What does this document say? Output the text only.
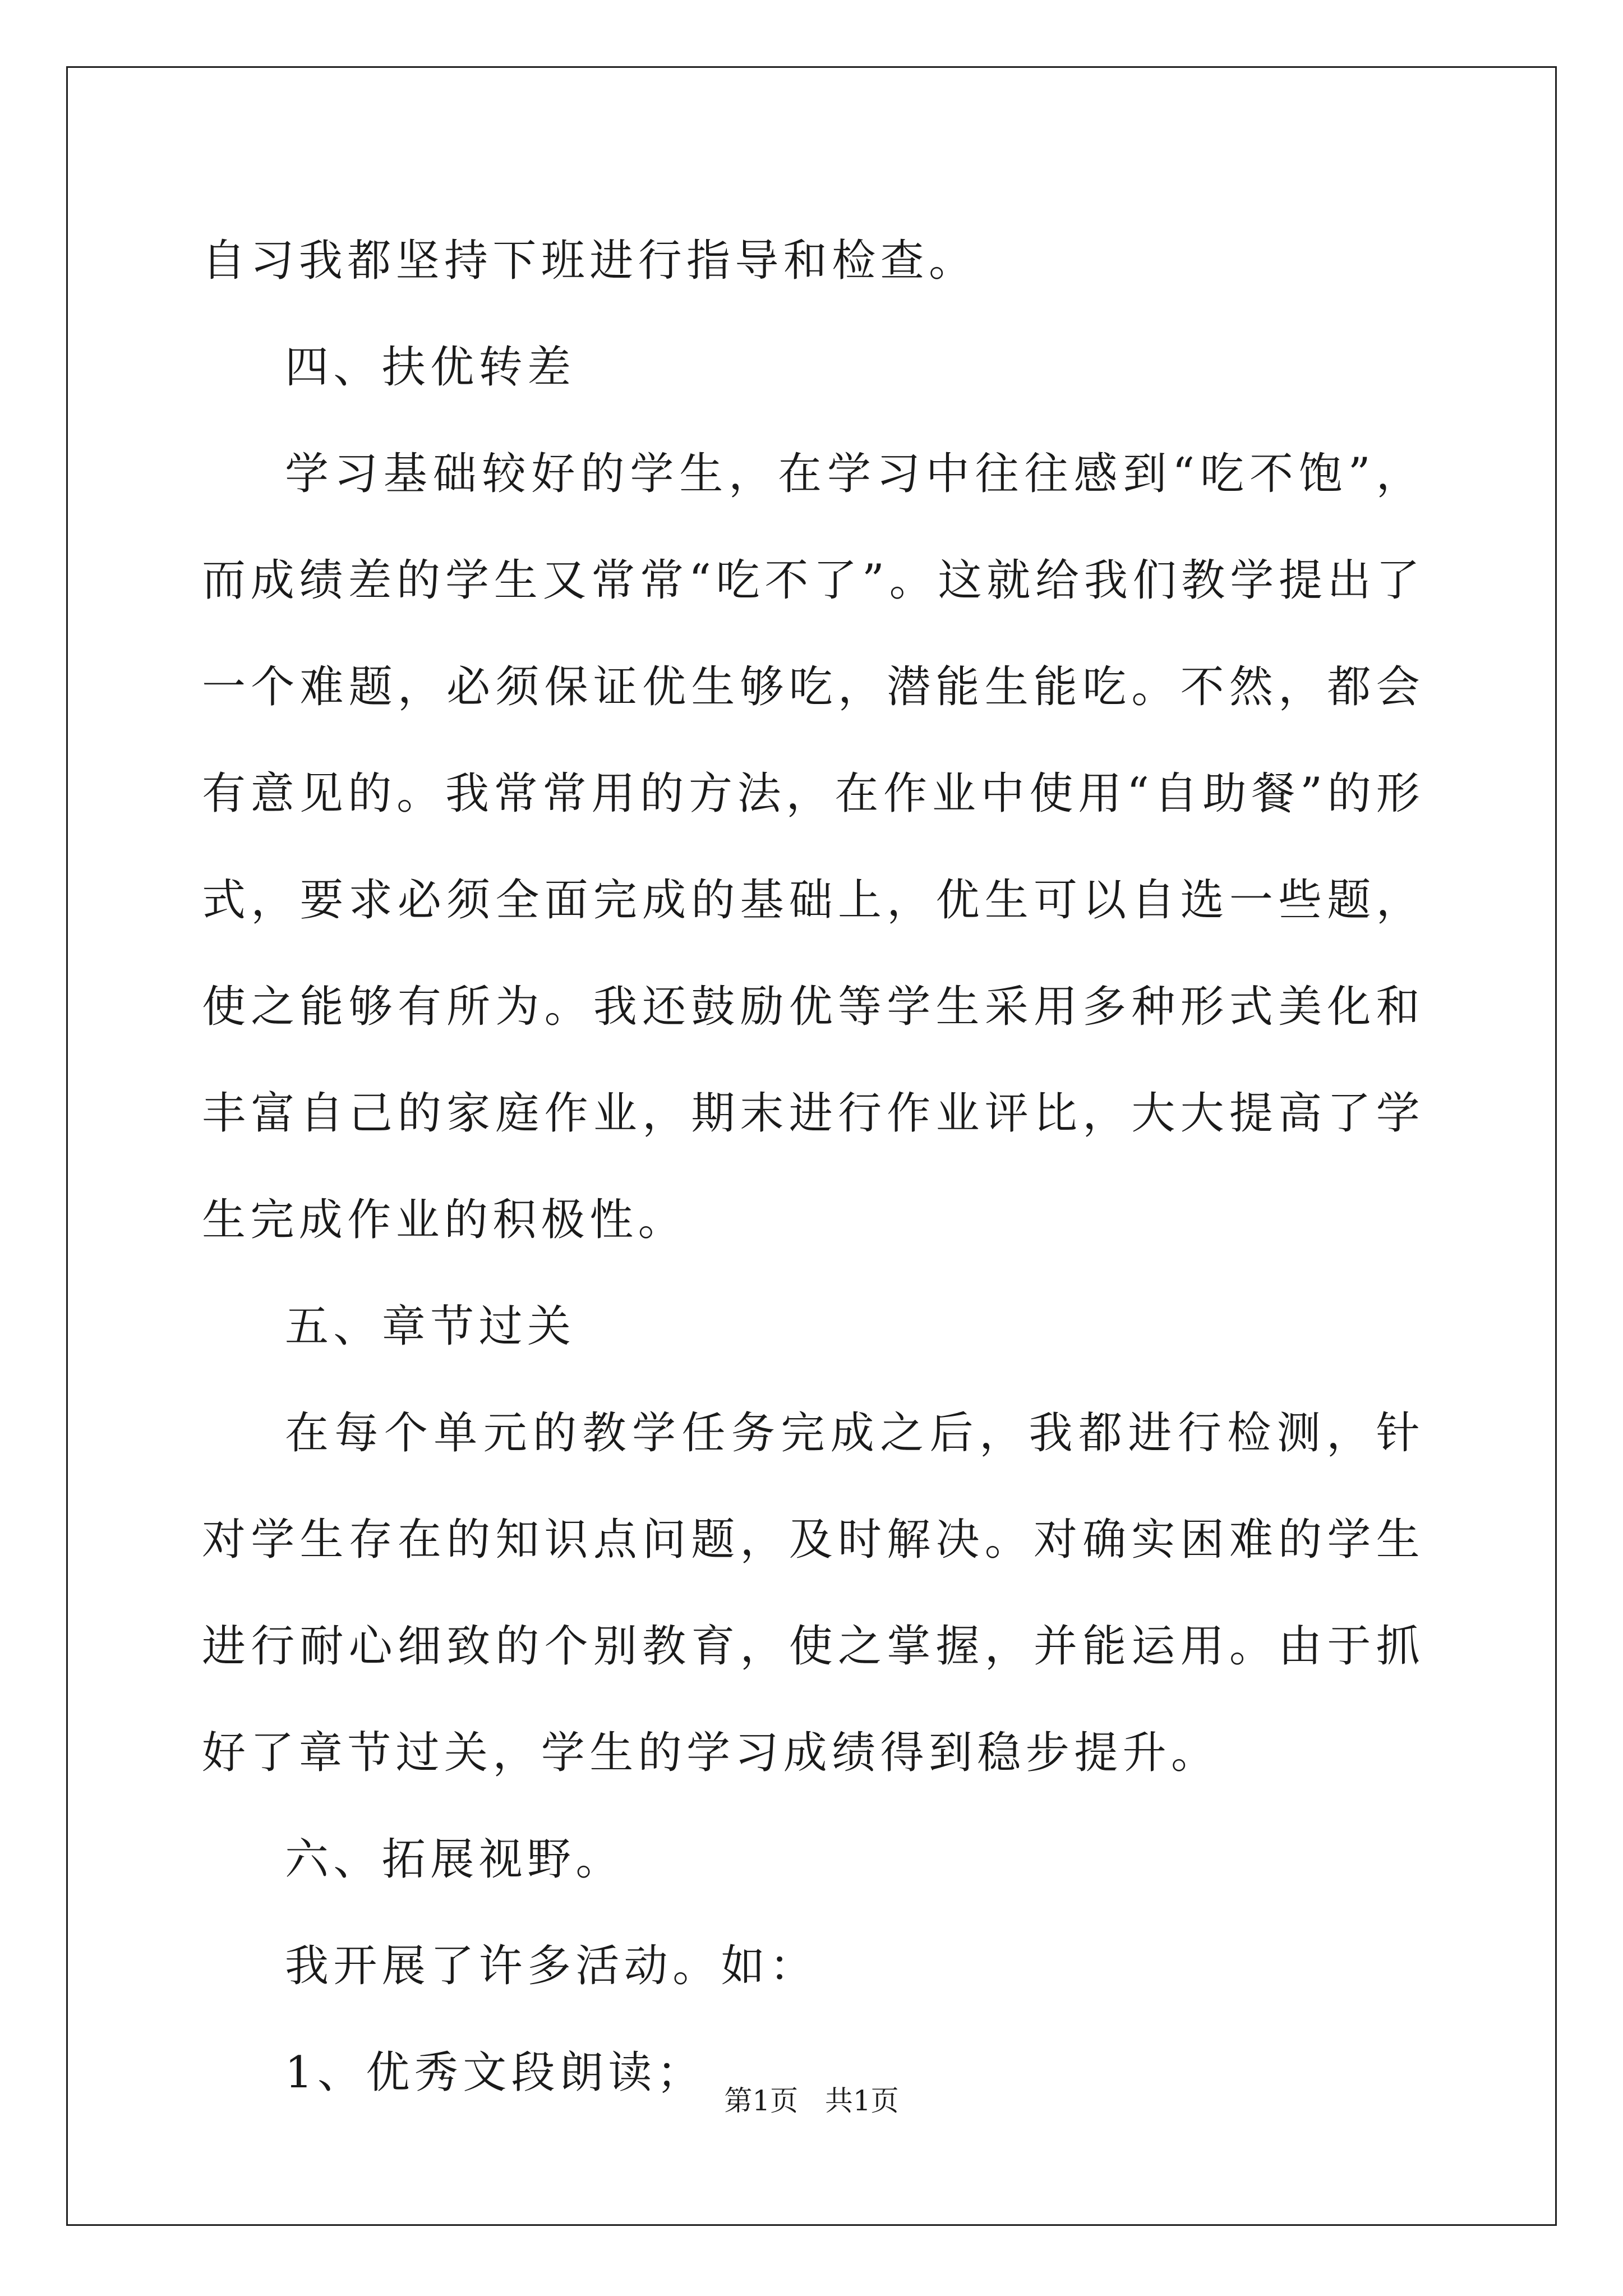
自习我都坚持下班进行指导和检查。

四、扶优转差

学习基础较好的学生，在学习中往往感到“吃不饱”，而成绩差的学生又常常“吃不了”。这就给我们教学提出了一个难题，必须保证优生够吃，潜能生能吃。不然，都会有意见的。我常常用的方法，在作业中使用“自助餐”的形式，要求必须全面完成的基础上，优生可以自选一些题，使之能够有所为。我还鼓励优等学生采用多种形式美化和丰富自己的家庭作业，期末进行作业评比，大大提高了学生完成作业的积极性。

五、章节过关

在每个单元的教学任务完成之后，我都进行检测，针对学生存在的知识点问题，及时解决。对确实困难的学生进行耐心细致的个别教育，使之掌握，并能运用。由于抓好了章节过关，学生的学习成绩得到稳步提升。

六、拓展视野。

我开展了许多活动。如：

1、优秀文段朗读；

第1页   共1页
